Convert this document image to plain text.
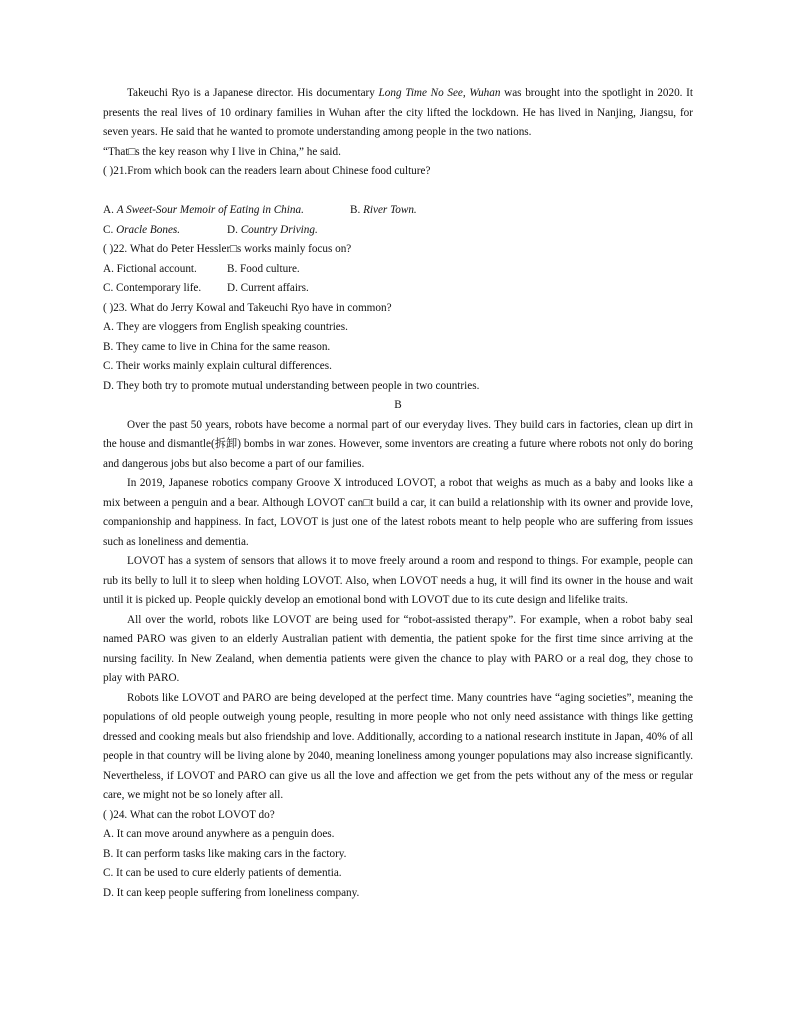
Takeuchi Ryo is a Japanese director. His documentary Long Time No See, Wuhan was brought into the spotlight in 2020. It presents the real lives of 10 ordinary families in Wuhan after the city lifted the lockdown. He has lived in Nanjing, Jiangsu, for seven years. He said that he wanted to promote understanding among people in the two nations.

“That□s the key reason why I live in China,” he said.

( )21.From which book can the readers learn about Chinese food culture?

A. A Sweet-Sour Memoir of Eating in China.	B. River Town.
C. Oracle Bones.	D. Country Driving.

( )22. What do Peter Hessler□s works mainly focus on?

A. Fictional account.	B. Food culture.
C. Contemporary life.	D. Current affairs.

( )23. What do Jerry Kowal and Takeuchi Ryo have in common?

A. They are vloggers from English speaking countries.

B. They came to live in China for the same reason.

C. Their works mainly explain cultural differences.

D. They both try to promote mutual understanding between people in two countries.

B

Over the past 50 years, robots have become a normal part of our everyday lives. They build cars in factories, clean up dirt in the house and dismantle(拆卸) bombs in war zones. However, some inventors are creating a future where robots not only do boring and dangerous jobs but also become a part of our families.

In 2019, Japanese robotics company Groove X introduced LOVOT, a robot that weighs as much as a baby and looks like a mix between a penguin and a bear. Although LOVOT can□t build a car, it can build a relationship with its owner and provide love, companionship and happiness. In fact, LOVOT is just one of the latest robots meant to help people who are suffering from issues such as loneliness and dementia.

LOVOT has a system of sensors that allows it to move freely around a room and respond to things. For example, people can rub its belly to lull it to sleep when holding LOVOT. Also, when LOVOT needs a hug, it will find its owner in the house and wait until it is picked up. People quickly develop an emotional bond with LOVOT due to its cute design and lifelike traits.

All over the world, robots like LOVOT are being used for “robot-assisted therapy”. For example, when a robot baby seal named PARO was given to an elderly Australian patient with dementia, the patient spoke for the first time since arriving at the nursing facility. In New Zealand, when dementia patients were given the chance to play with PARO or a real dog, they chose to play with PARO.

Robots like LOVOT and PARO are being developed at the perfect time. Many countries have “aging societies”, meaning the populations of old people outweigh young people, resulting in more people who not only need assistance with things like getting dressed and cooking meals but also friendship and love. Additionally, according to a national research institute in Japan, 40% of all people in that country will be living alone by 2040, meaning loneliness among younger populations may also increase significantly. Nevertheless, if LOVOT and PARO can give us all the love and affection we get from the pets without any of the mess or regular care, we might not be so lonely after all.

( )24. What can the robot LOVOT do?

A. It can move around anywhere as a penguin does.

B. It can perform tasks like making cars in the factory.

C. It can be used to cure elderly patients of dementia.

D. It can keep people suffering from loneliness company.
